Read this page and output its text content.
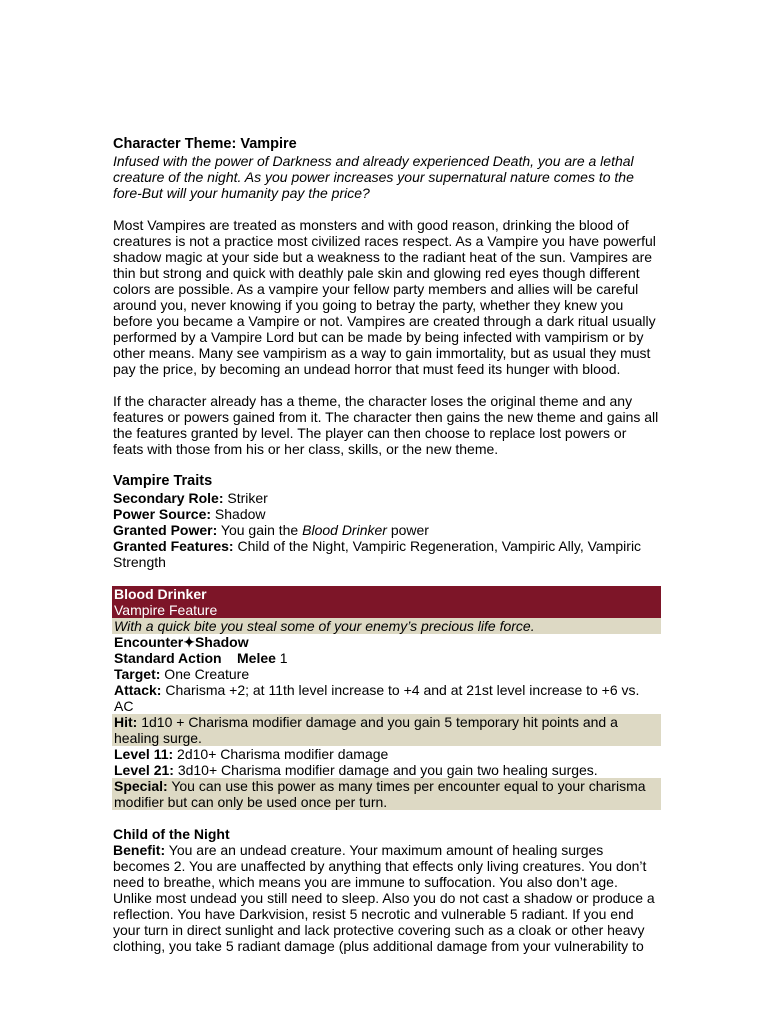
Character Theme: Vampire

Infused with the power of Darkness and already experienced Death, you are a lethal creature of the night. As you power increases your supernatural nature comes to the fore-But will your humanity pay the price?

Most Vampires are treated as monsters and with good reason, drinking the blood of creatures is not a practice most civilized races respect. As a Vampire you have powerful shadow magic at your side but a weakness to the radiant heat of the sun. Vampires are thin but strong and quick with deathly pale skin and glowing red eyes though different colors are possible. As a vampire your fellow party members and allies will be careful around you, never knowing if you going to betray the party, whether they knew you before you became a Vampire or not. Vampires are created through a dark ritual usually performed by a Vampire Lord but can be made by being infected with vampirism or by other means. Many see vampirism as a way to gain immortality, but as usual they must pay the price, by becoming an undead horror that must feed its hunger with blood.

If the character already has a theme, the character loses the original theme and any features or powers gained from it. The character then gains the new theme and gains all the features granted by level. The player can then choose to replace lost powers or feats with those from his or her class, skills, or the new theme.

Vampire Traits

Secondary Role: Striker

Power Source: Shadow

Granted Power: You gain the Blood Drinker power

Granted Features: Child of the Night, Vampiric Regeneration, Vampiric Ally, Vampiric Strength

Blood Drinker

Vampire Feature

With a quick bite you steal some of your enemy’s precious life force.

Encounter✦Shadow

Standard Action Melee 1

Target: One Creature

Attack: Charisma +2; at 11th level increase to +4 and at 21st level increase to +6 vs. AC

Hit: 1d10 + Charisma modifier damage and you gain 5 temporary hit points and a healing surge.

Level 11: 2d10+ Charisma modifier damage

Level 21: 3d10+ Charisma modifier damage and you gain two healing surges.

Special: You can use this power as many times per encounter equal to your charisma modifier but can only be used once per turn.

Child of the Night

Benefit: You are an undead creature. Your maximum amount of healing surges becomes 2. You are unaffected by anything that effects only living creatures. You don’t need to breathe, which means you are immune to suffocation. You also don’t age. Unlike most undead you still need to sleep. Also you do not cast a shadow or produce a reflection. You have Darkvision, resist 5 necrotic and vulnerable 5 radiant. If you end your turn in direct sunlight and lack protective covering such as a cloak or other heavy clothing, you take 5 radiant damage (plus additional damage from your vulnerability to
